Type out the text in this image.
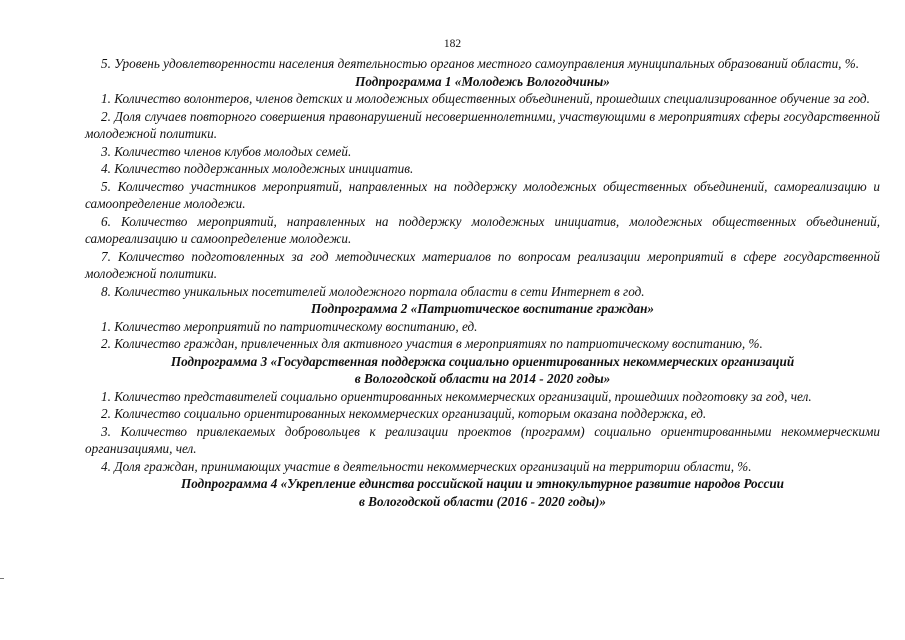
182

5. Уровень удовлетворенности населения деятельностью органов местного самоуправления муниципальных образований области, %.

Подпрограмма 1 «Молодежь Вологодчины»

1. Количество волонтеров, членов детских и молодежных общественных объединений, прошедших специализированное обучение за год.

2. Доля случаев повторного совершения правонарушений несовершеннолетними, участвующими в мероприятиях сферы государственной молодежной политики.

3. Количество членов клубов молодых семей.

4. Количество поддержанных молодежных инициатив.

5. Количество участников мероприятий, направленных на поддержку молодежных общественных объединений, самореализацию и самоопределение молодежи.

6. Количество мероприятий, направленных на поддержку молодежных инициатив, молодежных общественных объединений, самореализацию и самоопределение молодежи.

7. Количество подготовленных за год методических материалов по вопросам реализации мероприятий в сфере государственной молодежной политики.

8. Количество уникальных посетителей молодежного портала области в сети Интернет в год.

Подпрограмма 2 «Патриотическое воспитание граждан»

1. Количество мероприятий по патриотическому воспитанию, ед.

2. Количество граждан, привлеченных для активного участия в мероприятиях по патриотическому воспитанию, %.

Подпрограмма 3 «Государственная поддержка социально ориентированных некоммерческих организаций

в Вологодской области на 2014 - 2020 годы»

1. Количество представителей социально ориентированных некоммерческих организаций, прошедших подготовку за год, чел.

2. Количество социально ориентированных некоммерческих организаций, которым оказана поддержка, ед.

3. Количество привлекаемых добровольцев к реализации проектов (программ) социально ориентированными некоммерческими организациями, чел.

4. Доля граждан, принимающих участие в деятельности некоммерческих организаций на территории области, %.

Подпрограмма 4 «Укрепление единства российской нации и этнокультурное развитие народов России

в Вологодской области (2016 - 2020 годы)»
